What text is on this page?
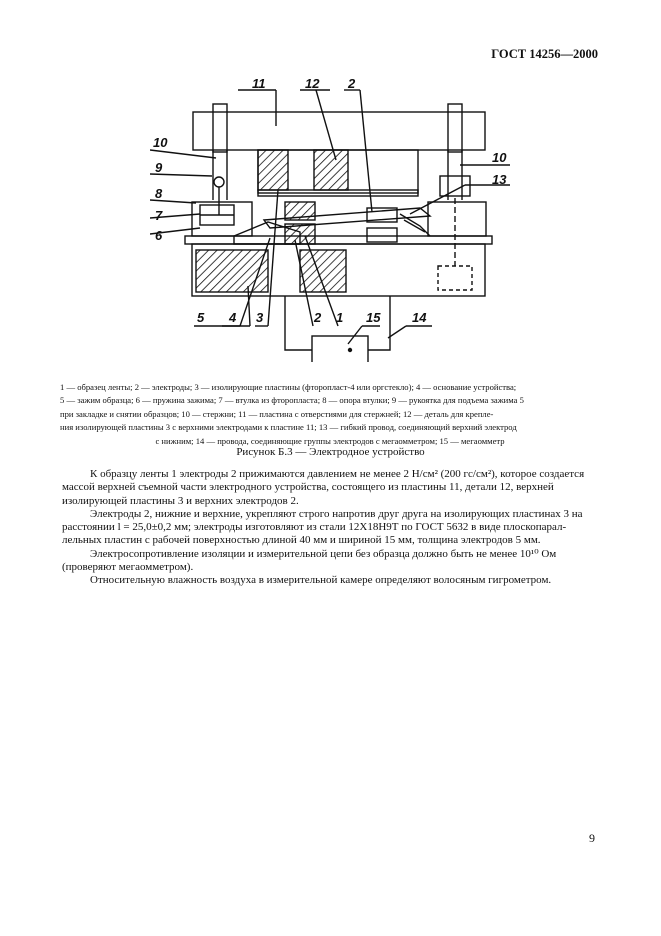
ГОСТ 14256—2000
11	12 2
10
9
8
7
6
10
13
5 4 3	2 1 15 14
1 — образец ленты; 2 — электроды; 3 — изолирующие пластины (фторопласт-4 или оргстекло); 4 — основание устройства;
5 — зажим образца; 6 — пружина зажима; 7 — втулка из фторопласта; 8 — опора втулки; 9 — рукоятка для подъема зажима 5
при закладке и снятии образцов; 10 — стержни; 11 — пластина с отверстиями для стержней; 12 — деталь для крепле-
ния изолирующей пластины 3 с верхними электродами к пластине 11; 13 — гибкий провод, соединяющий верхний электрод
с нижним; 14 — провода, соединяющие группы электродов с мегаомметром; 15 — мегаомметр
Рисунок Б.3 — Электродное устройство

К образцу ленты 1 электроды 2 прижимаются давлением не менее 2 Н/см² (200 гс/см²), которое создается
массой верхней съемной части электродного устройства, состоящего из пластины 11, детали 12, верхней
изолирующей пластины 3 и верхних электродов 2.

Электроды 2, нижние и верхние, укрепляют строго напротив друг друга на изолирующих пластинах 3 на
расстоянии l = 25,0±0,2 мм; электроды изготовляют из стали 12Х18Н9Т по ГОСТ 5632 в виде плоскопарал-
лельных пластин с рабочей поверхностью длиной 40 мм и шириной 15 мм, толщина электродов 5 мм.

Электросопротивление изоляции и измерительной цепи без образца должно быть не менее 10¹⁰ Ом
(проверяют мегаомметром).

Относительную влажность воздуха в измерительной камере определяют волосяным гигрометром.

9
